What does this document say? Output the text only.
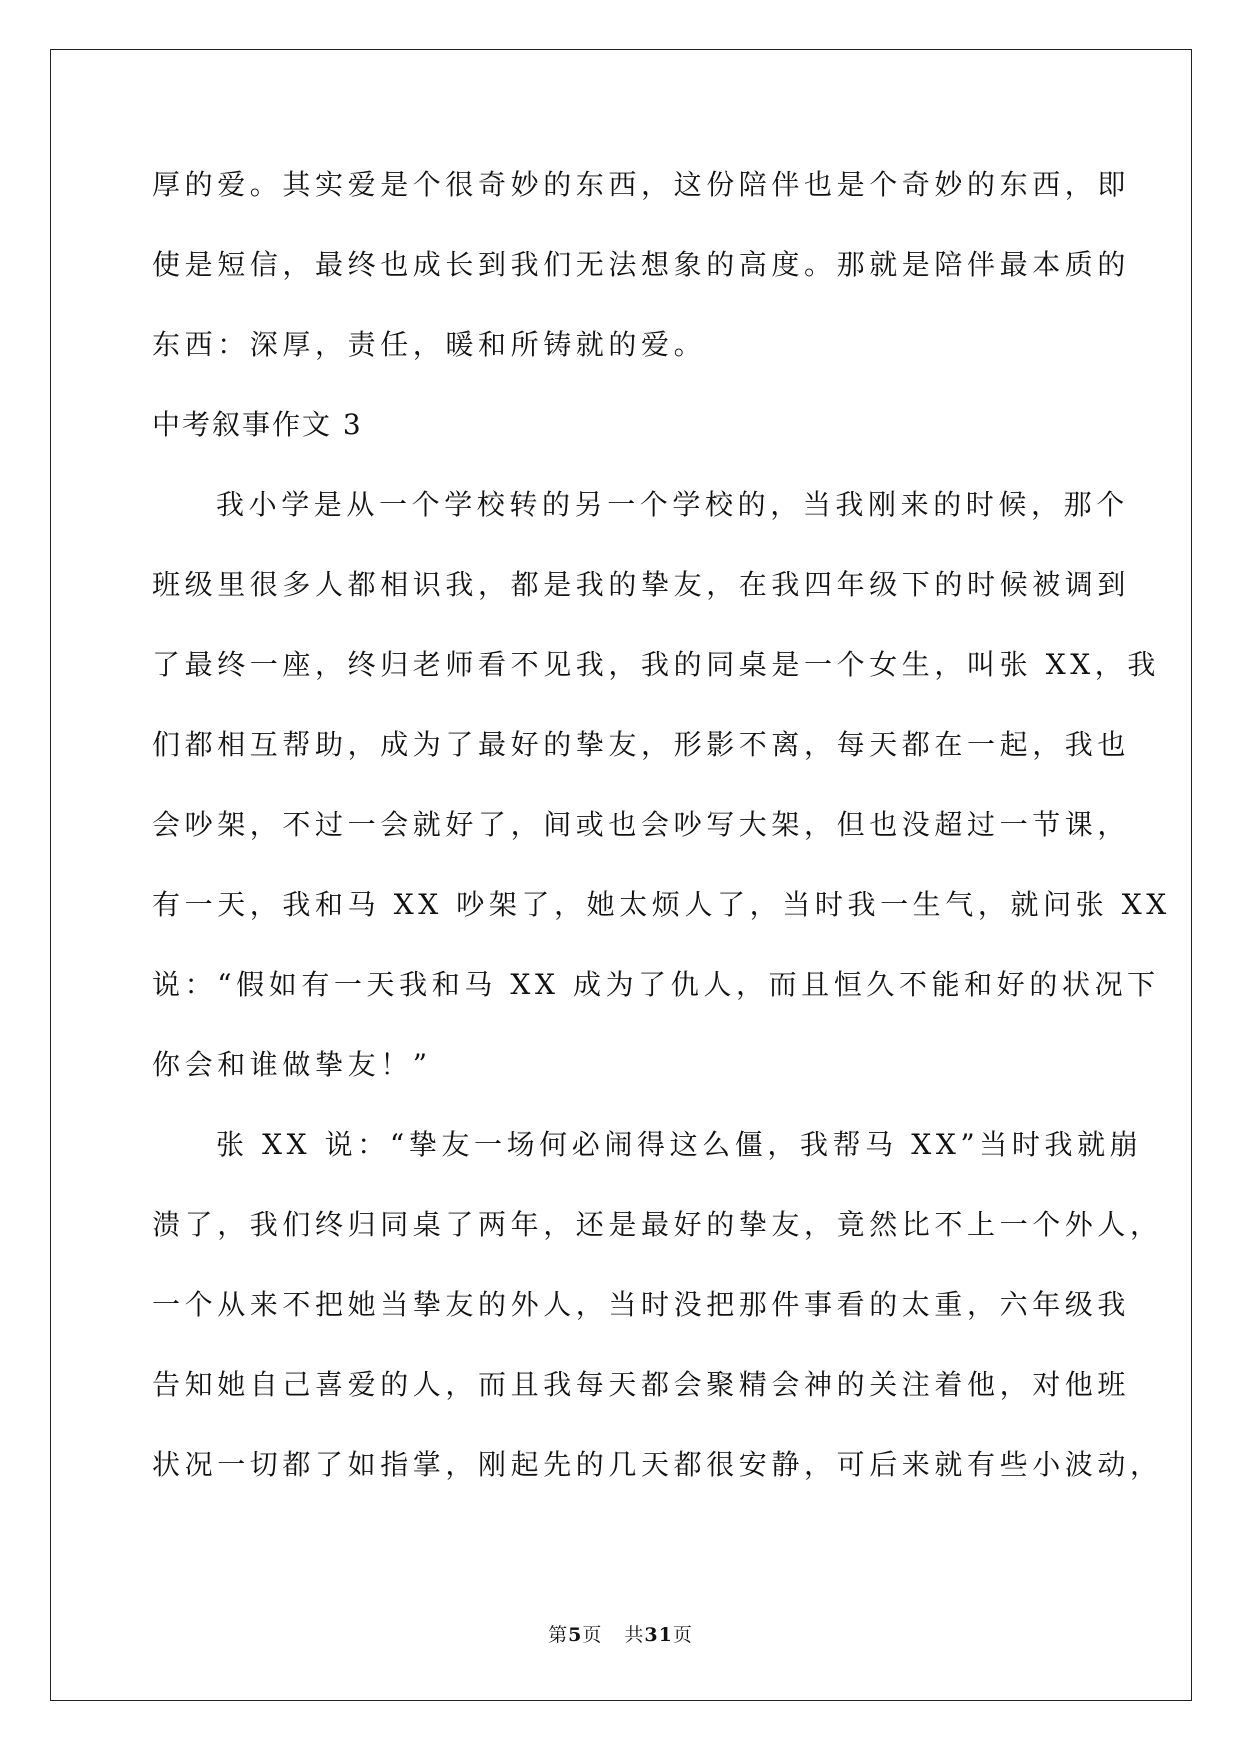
厚的爱。其实爱是个很奇妙的东西，这份陪伴也是个奇妙的东西，即
使是短信，最终也成长到我们无法想象的高度。那就是陪伴最本质的
东西：深厚，责任，暖和所铸就的爱。
中考叙事作文 3
我小学是从一个学校转的另一个学校的，当我刚来的时候，那个
班级里很多人都相识我，都是我的挚友，在我四年级下的时候被调到
了最终一座，终归老师看不见我，我的同桌是一个女生，叫张 XX，我
们都相互帮助，成为了最好的挚友，形影不离，每天都在一起，我也
会吵架，不过一会就好了，间或也会吵写大架，但也没超过一节课，
有一天，我和马 XX 吵架了，她太烦人了，当时我一生气，就问张 XX
说：“假如有一天我和马 XX 成为了仇人，而且恒久不能和好的状况下
你会和谁做挚友！”
张 XX 说：“挚友一场何必闹得这么僵，我帮马 XX”当时我就崩
溃了，我们终归同桌了两年，还是最好的挚友，竟然比不上一个外人，
一个从来不把她当挚友的外人，当时没把那件事看的太重，六年级我
告知她自己喜爱的人，而且我每天都会聚精会神的关注着他，对他班
状况一切都了如指掌，刚起先的几天都很安静，可后来就有些小波动，
第5页 共31页
